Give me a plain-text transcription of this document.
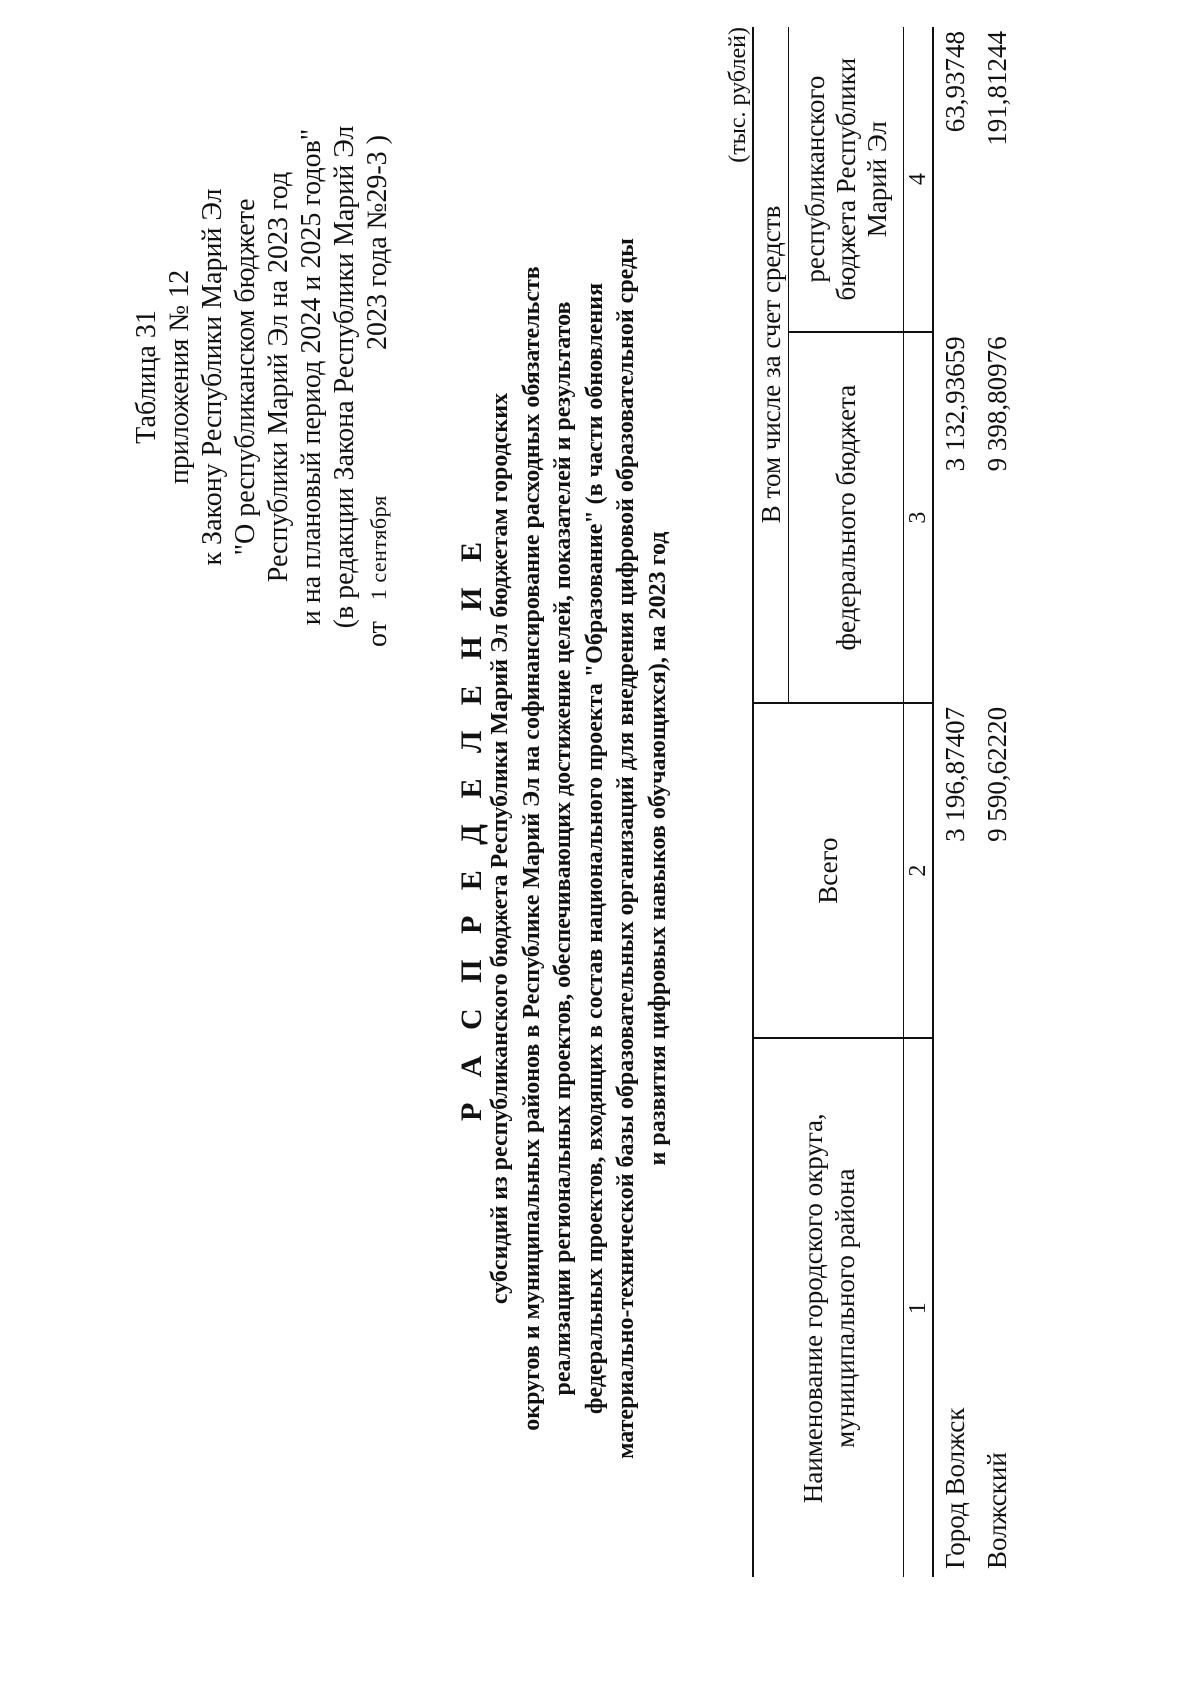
Таблица 31 приложения № 12 к Закону Республики Марий Эл "О республиканском бюджете Республики Марий Эл на 2023 год и на плановый период 2024 и 2025 годов" (в редакции Закона Республики Марий Эл
от   1 сентября
2023 года №29-3 )
Р А С П Р Е Д Е Л Е Н И Е субсидий из республиканского бюджета Республики Марий Эл бюджетам городских округов и муниципальных районов в Республике Марий Эл на софинансирование расходных обязательств реализации региональных проектов, обеспечивающих достижение целей, показателей и результатов федеральных проектов, входящих в состав национального проекта "Образование" (в части обновления материально-технической базы образовательных организаций для внедрения цифровой образовательной среды и развития цифровых навыков обучающихся), на 2023 год
(тыс. рублей)
Наименование городского округа, муниципального района	Всего	В том числе за счет средств	
		федерального бюджета	республиканского бюджета Республики Марий Эл
1	2	3	4
Город Волжск	3 196,87407	3 132,93659	63,93748
Волжский	9 590,62220	9 398,80976	191,81244
